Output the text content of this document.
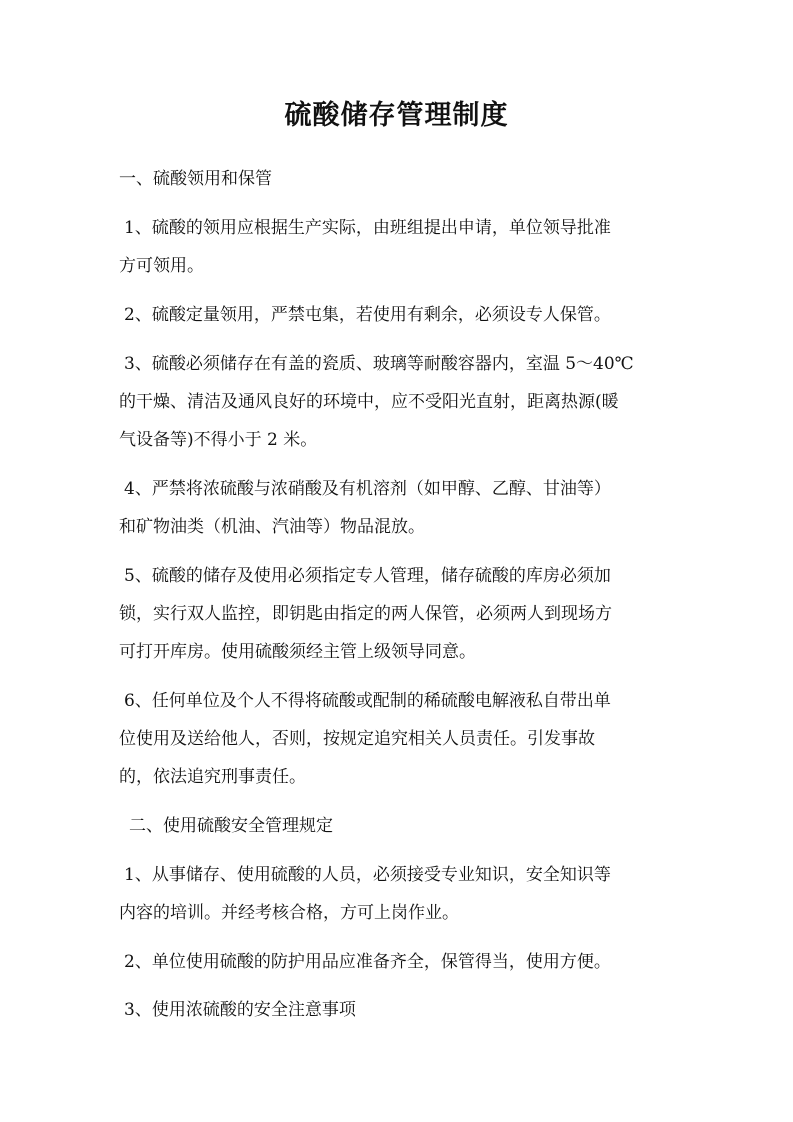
硫酸储存管理制度
一、硫酸领用和保管
1、硫酸的领用应根据生产实际，由班组提出申请，单位领导批准
方可领用。
2、硫酸定量领用，严禁屯集，若使用有剩余，必须设专人保管。
3、硫酸必须储存在有盖的瓷质、玻璃等耐酸容器内，室温 5～40℃
的干燥、清洁及通风良好的环境中，应不受阳光直射，距离热源(暖
气设备等)不得小于 2 米。
4、严禁将浓硫酸与浓硝酸及有机溶剂（如甲醇、乙醇、甘油等）
和矿物油类（机油、汽油等）物品混放。
5、硫酸的储存及使用必须指定专人管理，储存硫酸的库房必须加
锁，实行双人监控，即钥匙由指定的两人保管，必须两人到现场方
可打开库房。使用硫酸须经主管上级领导同意。
6、任何单位及个人不得将硫酸或配制的稀硫酸电解液私自带出单
位使用及送给他人，否则，按规定追究相关人员责任。引发事故
的，依法追究刑事责任。
二、使用硫酸安全管理规定
1、从事储存、使用硫酸的人员，必须接受专业知识，安全知识等
内容的培训。并经考核合格，方可上岗作业。
2、单位使用硫酸的防护用品应准备齐全，保管得当，使用方便。
3、使用浓硫酸的安全注意事项
